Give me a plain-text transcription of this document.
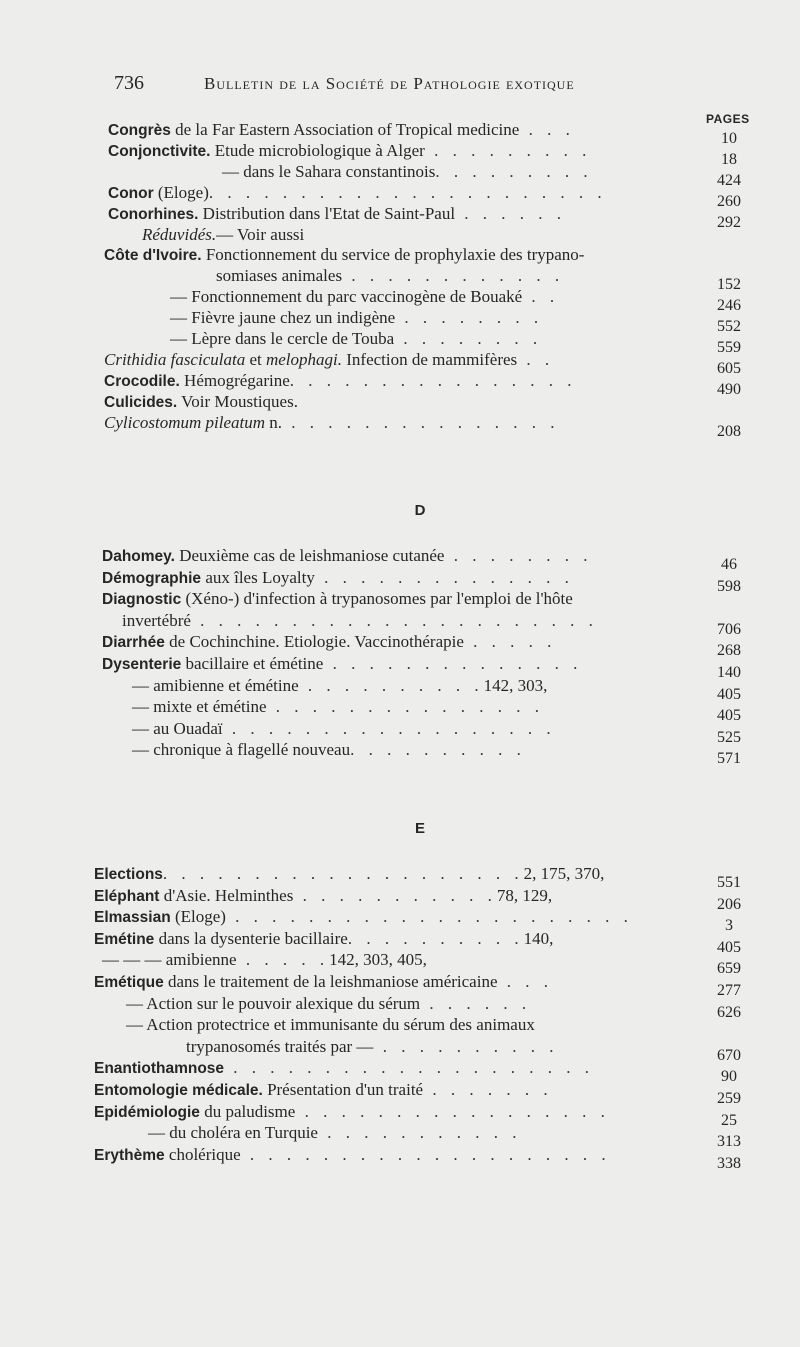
736	Bulletin de la Société de Pathologie exotique
PAGES
D
E
Congrès de la Far Eastern Association of Tropical medicine . . .	10
Conjonctivite. Etude microbiologique à Alger . . . . . . . . .	18
— dans le Sahara constantinois. . . . . . . . .	424
Conor (Eloge). . . . . . . . . . . . . . . . . . . . . .	260
Conorhines. Distribution dans l'Etat de Saint-Paul . . . . . .	292
Réduvidés.— Voir aussi
Côte d'Ivoire. Fonctionnement du service de prophylaxie des trypano-
somiases animales . . . . . . . . . . . .	152
— Fonctionnement du parc vaccinogène de Bouaké . .	246
— Fièvre jaune chez un indigène . . . . . . . .	552
— Lèpre dans le cercle de Touba . . . . . . . .	559
Crithidia fasciculata et melophagi. Infection de mammifères . .	605
Crocodile. Hémogrégarine. . . . . . . . . . . . . . . .	490
Culicides. Voir Moustiques.
Cylicostomum pileatum n. . . . . . . . . . . . . . . .	208
Dahomey. Deuxième cas de leishmaniose cutanée . . . . . . . .	46
Démographie aux îles Loyalty . . . . . . . . . . . . . .	598
Diagnostic (Xéno-) d'infection à trypanosomes par l'emploi de l'hôte
invertébré . . . . . . . . . . . . . . . . . . . . . .	706
Diarrhée de Cochinchine. Etiologie. Vaccinothérapie . . . . .	268
Dysenterie bacillaire et émétine . . . . . . . . . . . . . .	140
— amibienne et émétine . . . . . . . . . .142, 303,	405
— mixte et émétine . . . . . . . . . . . . . . .	405
— au Ouadaï . . . . . . . . . . . . . . . . . .	525
— chronique à flagellé nouveau. . . . . . . . . .	571
Elections. . . . . . . . . . . . . . . . . . . .2, 175, 370,	551
Eléphant d'Asie. Helminthes . . . . . . . . . . .78, 129,	206
Elmassian (Eloge) . . . . . . . . . . . . . . . . . . . . . .	3
Emétine dans la dysenterie bacillaire. . . . . . . . . .140,	405
— — — amibienne . . . . .142, 303, 405,	659
Emétique dans le traitement de la leishmaniose américaine . . .	277
— Action sur le pouvoir alexique du sérum . . . . . .	626
— Action protectrice et immunisante du sérum des animaux
trypanosomés traités par — . . . . . . . . . .	670
Enantiothamnose . . . . . . . . . . . . . . . . . . . .	90
Entomologie médicale. Présentation d'un traité . . . . . . .	259
Epidémiologie du paludisme . . . . . . . . . . . . . . . . .	25
— du choléra en Turquie . . . . . . . . . . .	313
Erythème cholérique . . . . . . . . . . . . . . . . . . . .	338
